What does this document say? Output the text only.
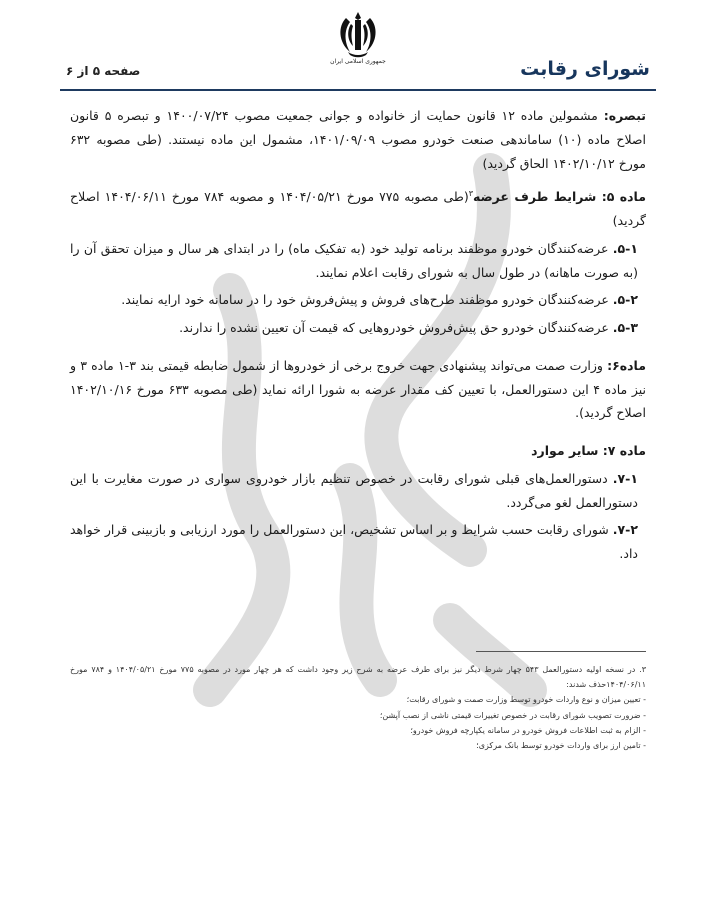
جمهوری اسلامی ایران	شورای رقابت
صفحه ۵ از ۶

تبصره: مشمولین ماده ۱۲ قانون حمایت از خانواده و جوانی جمعیت مصوب ۱۴۰۰/۰۷/۲۴ و تبصره ۵ قانون اصلاح ماده (۱۰) ساماندهی صنعت خودرو مصوب ۱۴۰۱/۰۹/۰۹، مشمول این ماده نیستند. (طی مصوبه ۶۳۲ مورخ ۱۴۰۲/۱۰/۱۲ الحاق گردید)

ماده ۵: شرایط طرف عرضه$^۳$(طی مصوبه ۷۷۵ مورخ ۱۴۰۴/۰۵/۲۱ و مصوبه ۷۸۴ مورخ ۱۴۰۴/۰۶/۱۱ اصلاح گردید)

۵-۱. عرضه‌کنندگان خودرو موظفند برنامه تولید خود (به تفکیک ماه) را در ابتدای هر سال و میزان تحقق آن را (به صورت ماهانه) در طول سال به شورای رقابت اعلام نمایند.

۵-۲. عرضه‌کنندگان خودرو موظفند طرح‌های فروش و پیش‌فروش خود را در سامانه خود ارایه نمایند.

۵-۳. عرضه‌کنندگان خودرو حق پیش‌فروش خودروهایی که قیمت آن تعیین نشده را ندارند.

ماده۶: وزارت صمت می‌تواند پیشنهادی جهت خروج برخی از خودروها از شمول ضابطه قیمتی بند ۳-۱ ماده ۳ و نیز ماده ۴ این دستورالعمل، با تعیین کف مقدار عرضه به شورا ارائه نماید (طی مصوبه ۶۳۳ مورخ ۱۴۰۲/۱۰/۱۶ اصلاح گردید).

ماده ۷: سایر موارد

۷-۱. دستورالعمل‌های قبلی شورای رقابت در خصوص تنظیم بازار خودروی سواری در صورت مغایرت با این دستورالعمل لغو می‌گردد.

۷-۲. شورای رقابت حسب شرایط و بر اساس تشخیص، این دستورالعمل را مورد ارزیابی و بازبینی قرار خواهد داد.

۳. در نسخه اولیه دستورالعمل ۵۴۳ چهار شرط دیگر نیز برای طرف عرضه به شرح زیر وجود داشت که هر چهار مورد در مصوبه ۷۷۵ مورخ ۱۴۰۴/۰۵/۲۱ و ۷۸۴ مورخ ۱۴۰۴/۰۶/۱۱حذف شدند:

- تعیین میزان و نوع واردات خودرو توسط وزارت صمت و شورای رقابت؛

- ضرورت تصویب شورای رقابت در خصوص تغییرات قیمتی ناشی از نصب آپشن؛

- الزام به ثبت اطلاعات فروش خودرو در سامانه یکپارچه فروش خودرو؛

- تامین ارز برای واردات خودرو توسط بانک مرکزی؛
